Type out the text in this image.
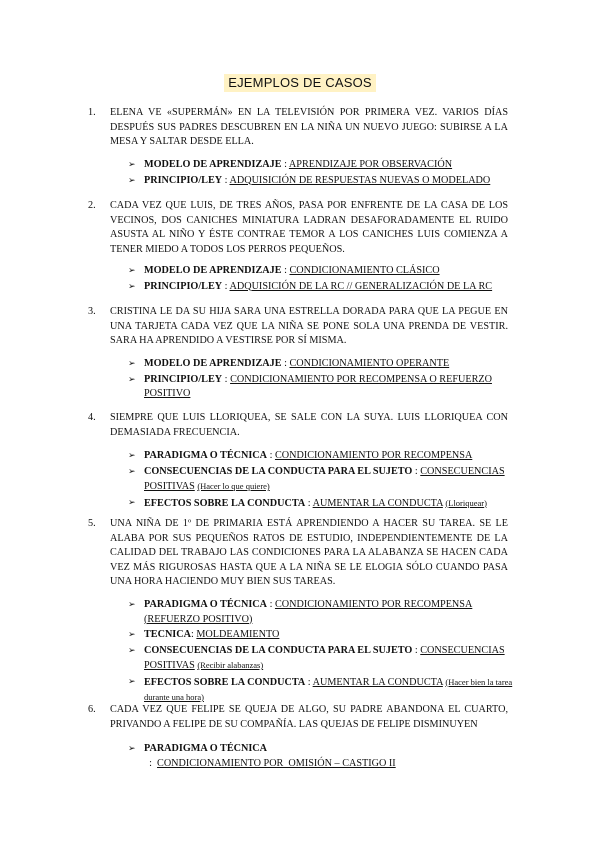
EJEMPLOS DE CASOS
1.	ELENA VE «SUPERMÁN» EN LA TELEVISIÓN POR PRIMERA VEZ. VARIOS DÍAS DESPUÉS SUS PADRES DESCUBREN EN LA NIÑA UN NUEVO JUEGO: SUBIRSE A LA MESA Y SALTAR DESDE ELLA.
➢ MODELO DE APRENDIZAJE : APRENDIZAJE POR OBSERVACIÓN
➢ PRINCIPIO/LEY : ADQUISICIÓN DE RESPUESTAS NUEVAS O MODELADO
2.	CADA VEZ QUE LUIS, DE TRES AÑOS, PASA POR ENFRENTE DE LA CASA DE LOS VECINOS, DOS CANICHES MINIATURA LADRAN DESAFORADAMENTE EL RUIDO ASUSTA AL NIÑO Y ÉSTE CONTRAE TEMOR A LOS CANICHES LUIS COMIENZA A TENER MIEDO A TODOS LOS PERROS PEQUEÑOS.
➢ MODELO DE APRENDIZAJE : CONDICIONAMIENTO CLÁSICO
➢ PRINCIPIO/LEY : ADQUISICIÓN DE LA RC // GENERALIZACIÓN DE LA RC
3.	CRISTINA LE DA SU HIJA SARA UNA ESTRELLA DORADA PARA QUE LA PEGUE EN UNA TARJETA CADA VEZ QUE LA NIÑA SE PONE SOLA UNA PRENDA DE VESTIR. SARA HA APRENDIDO A VESTIRSE POR SÍ MISMA.
➢ MODELO DE APRENDIZAJE : CONDICIONAMIENTO OPERANTE
➢ PRINCIPIO/LEY : CONDICIONAMIENTO POR RECOMPENSA O REFUERZO POSITIVO
4.	SIEMPRE QUE LUIS LLORIQUEA, SE SALE CON LA SUYA. LUIS LLORIQUEA CON DEMASIADA FRECUENCIA.
➢ PARADIGMA O TÉCNICA : CONDICIONAMIENTO POR RECOMPENSA
➢ CONSECUENCIAS DE LA CONDUCTA PARA EL SUJETO : CONSECUENCIAS POSITIVAS (Hacer lo que quiere)
➢ EFECTOS SOBRE LA CONDUCTA : AUMENTAR LA CONDUCTA (Lloriquear)
5.	UNA NIÑA DE 1º DE PRIMARIA ESTÁ APRENDIENDO A HACER SU TAREA. SE LE ALABA POR SUS PEQUEÑOS RATOS DE ESTUDIO, INDEPENDIENTEMENTE DE LA CALIDAD DEL TRABAJO LAS CONDICIONES PARA LA ALABANZA SE HACEN CADA VEZ MÁS RIGUROSAS HASTA QUE A LA NIÑA SE LE ELOGIA SÓLO CUANDO PASA UNA HORA HACIENDO MUY BIEN SUS TAREAS.
➢ PARADIGMA O TÉCNICA : CONDICIONAMIENTO POR RECOMPENSA (REFUERZO POSITIVO)
➢ TECNICA: MOLDEAMIENTO
➢ CONSECUENCIAS DE LA CONDUCTA PARA EL SUJETO : CONSECUENCIAS POSITIVAS (Recibir alabanzas)
➢ EFECTOS SOBRE LA CONDUCTA : AUMENTAR LA CONDUCTA (Hacer bien la tarea durante una hora)
6.	CADA VEZ QUE FELIPE SE QUEJA DE ALGO, SU PADRE ABANDONA EL CUARTO, PRIVANDO A FELIPE DE SU COMPAÑÍA. LAS QUEJAS DE FELIPE DISMINUYEN
➢ PARADIGMA O TÉCNICA  :  CONDICIONAMIENTO POR  OMISIÓN – CASTIGO II
